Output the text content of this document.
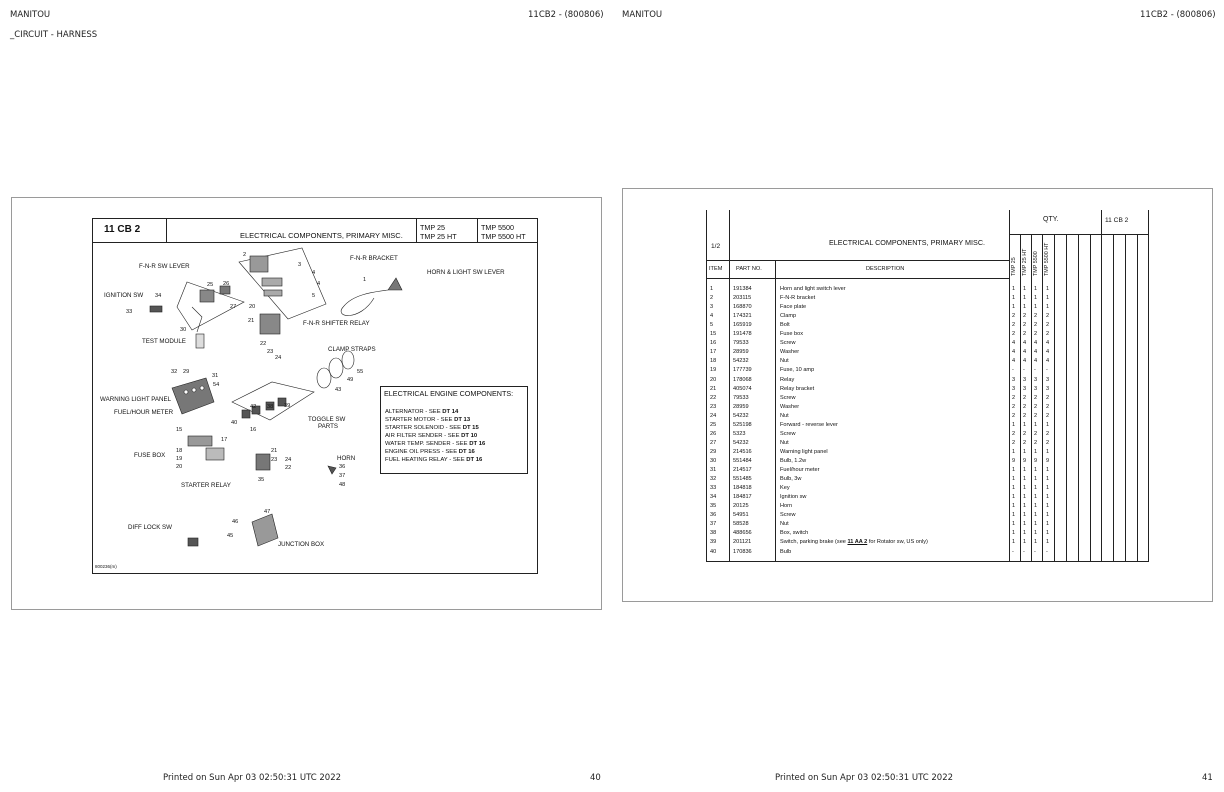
MANITOU	11CB2 - (800806)
_CIRCUIT - HARNESS
MANITOU	11CB2 - (800806)
11 CB 2
ELECTRICAL COMPONENTS, PRIMARY MISC.
TMP 25
TMP 25 HT
TMP 5500
TMP 5500 HT
F-N-R SW LEVER
F-N-R BRACKET
HORN & LIGHT SW LEVER
IGNITION SW
F-N-R SHIFTER RELAY
TEST MODULE
CLAMP STRAPS
WARNING LIGHT PANEL
FUEL/HOUR METER
TOGGLE SW
PARTS
FUSE BOX	HORN
STARTER RELAY
DIFF LOCK SW
JUNCTION BOX
800236(m)
2
3
4
4
5
1
25 26
27 20
21
22
23
24
34
33
30
32 29
31
54
55
49
43
42 38 39
40
16
15
17
18
19
20
21
23 24
22
35
36
37
48
47
46
45
ELECTRICAL ENGINE COMPONENTS:
ALTERNATOR - SEE DT 14
STARTER MOTOR - SEE DT 13
STARTER SOLENOID - SEE DT 15
AIR FILTER SENDER - SEE DT 10
WATER TEMP. SENDER - SEE DT 16
ENGINE OIL PRESS - SEE DT 16
FUEL HEATING RELAY - SEE DT 16
1/2	ELECTRICAL COMPONENTS, PRIMARY MISC.
QTY.	11 CB 2
ITEM PART NO.	DESCRIPTION	TMP 25 TMP 25 HT TMP 5500 TMP 5500 HT
1	191384	Horn and light switch lever	1 1 1 1
2	203115	F-N-R bracket	1 1 1 1
3	168870	Face plate	1 1 1 1
4	174321	Clamp	2 2 2 2
5	165919	Bolt	2 2 2 2
15	191478	Fuse box	2 2 2 2
16	79533	Screw	4 4 4 4
17	28959	Washer	4 4 4 4
18	54232	Nut	4 4 4 4
19	177739	Fuse, 10 amp	- - - -
20	178068	Relay	3 3 3 3
21	405074	Relay bracket	3 3 3 3
22	79533	Screw	2 2 2 2
23	28959	Washer	2 2 2 2
24	54232	Nut	2 2 2 2
25	525198	Forward - reverse lever	1 1 1 1
26	5323	Screw	2 2 2 2
27	54232	Nut	2 2 2 2
29	214516	Warning light panel	1 1 1 1
30	551484	Bulb, 1.2w	9 9 9 9
31	214517	Fuel/hour meter	1 1 1 1
32	551485	Bulb, 3w	1 1 1 1
33	184818	Key	1 1 1 1
34	184817	Ignition sw	1 1 1 1
35	20125	Horn	1 1 1 1
36	54951	Screw	1 1 1 1
37	58528	Nut	1 1 1 1
38	488656	Box, switch	1 1 1 1
39	201121	Switch, parking brake (see 11 AA 2 for Rotator sw, US only)	1 1 1 1
40	170836	Bulb	- - - -
Printed on Sun Apr 03 02:50:31 UTC 2022	40	Printed on Sun Apr 03 02:50:31 UTC 2022	41
